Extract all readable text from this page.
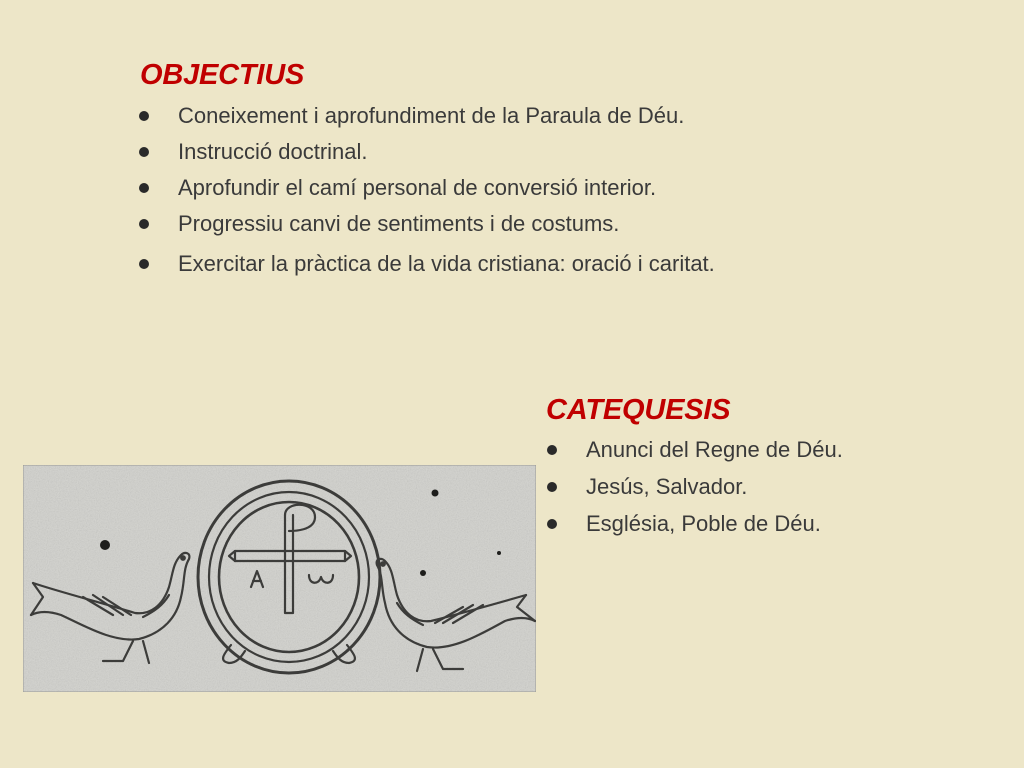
OBJECTIUS
Coneixement i aprofundiment de la Paraula de Déu.
Instrucció doctrinal.
Aprofundir el camí personal de conversió interior.
Progressiu canvi de sentiments i de costums.
Exercitar la pràctica de la vida cristiana: oració i caritat.
CATEQUESIS
Anunci del Regne de Déu.
Jesús, Salvador.
Església, Poble de Déu.
